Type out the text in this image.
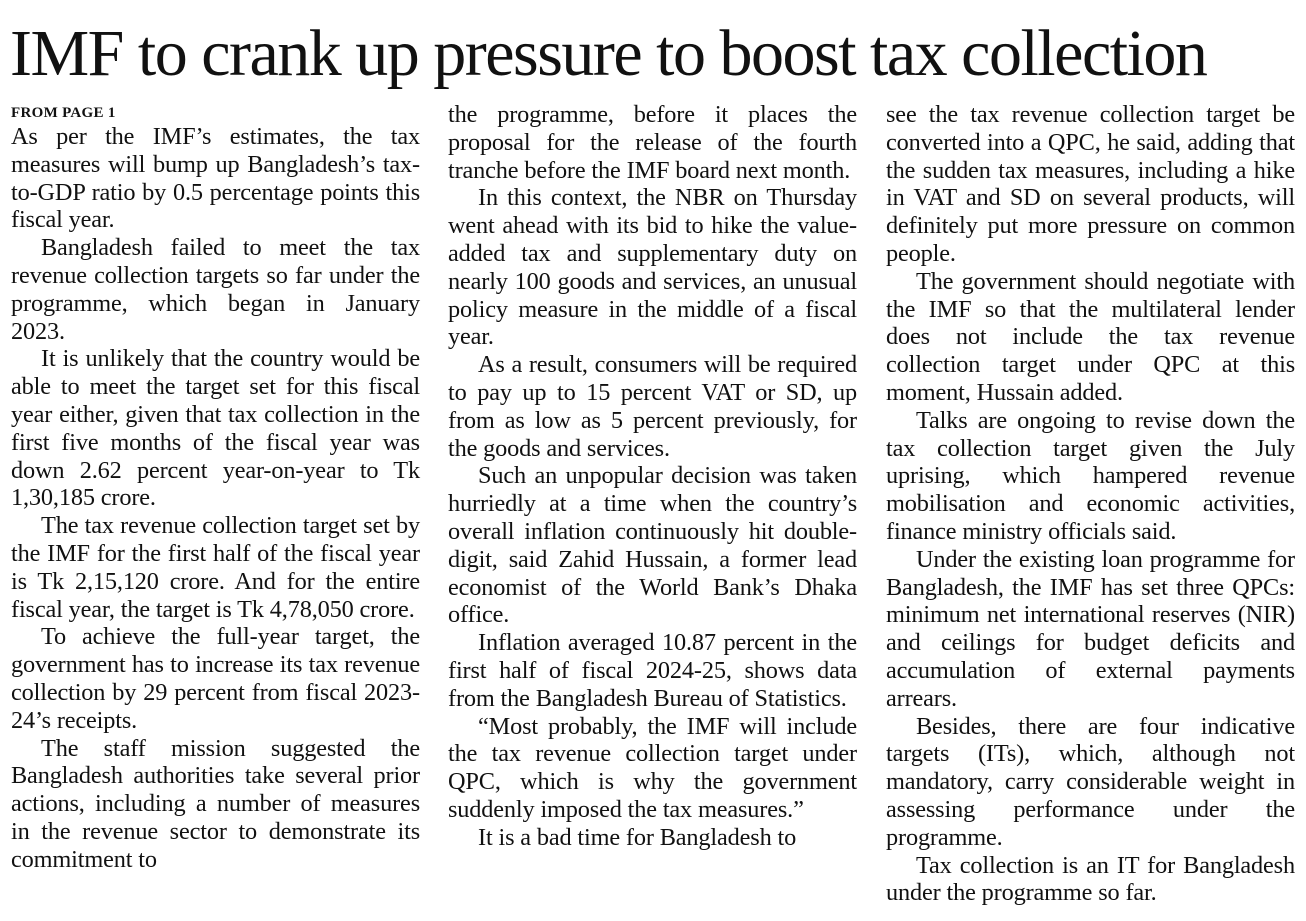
IMF to crank up pressure to boost tax collection
FROM PAGE 1

As per the IMF’s estimates, the tax measures will bump up Bangladesh’s tax-to-GDP ratio by 0.5 percentage points this fiscal year.

Bangladesh failed to meet the tax revenue collection targets so far under the programme, which began in January 2023.

It is unlikely that the country would be able to meet the target set for this fiscal year either, given that tax collection in the first five months of the fiscal year was down 2.62 percent year-on-year to Tk 1,30,185 crore.

The tax revenue collection target set by the IMF for the first half of the fiscal year is Tk 2,15,120 crore. And for the entire fiscal year, the target is Tk 4,78,050 crore.

To achieve the full-year target, the government has to increase its tax revenue collection by 29 percent from fiscal 2023-24’s receipts.

The staff mission suggested the Bangladesh authorities take several prior actions, including a number of measures in the revenue sector to demonstrate its commitment to

the programme, before it places the proposal for the release of the fourth tranche before the IMF board next month.

In this context, the NBR on Thursday went ahead with its bid to hike the value-added tax and supplementary duty on nearly 100 goods and services, an unusual policy measure in the middle of a fiscal year.

As a result, consumers will be required to pay up to 15 percent VAT or SD, up from as low as 5 percent previously, for the goods and services.

Such an unpopular decision was taken hurriedly at a time when the country’s overall inflation continuously hit double-digit, said Zahid Hussain, a former lead economist of the World Bank’s Dhaka office.

Inflation averaged 10.87 percent in the first half of fiscal 2024-25, shows data from the Bangladesh Bureau of Statistics.

“Most probably, the IMF will include the tax revenue collection target under QPC, which is why the government suddenly imposed the tax measures.”

It is a bad time for Bangladesh to

see the tax revenue collection target be converted into a QPC, he said, adding that the sudden tax measures, including a hike in VAT and SD on several products, will definitely put more pressure on common people.

The government should negotiate with the IMF so that the multilateral lender does not include the tax revenue collection target under QPC at this moment, Hussain added.

Talks are ongoing to revise down the tax collection target given the July uprising, which hampered revenue mobilisation and economic activities, finance ministry officials said.

Under the existing loan programme for Bangladesh, the IMF has set three QPCs: minimum net international reserves (NIR) and ceilings for budget deficits and accumulation of external payments arrears.

Besides, there are four indicative targets (ITs), which, although not mandatory, carry considerable weight in assessing performance under the programme.

Tax collection is an IT for Bangladesh under the programme so far.
